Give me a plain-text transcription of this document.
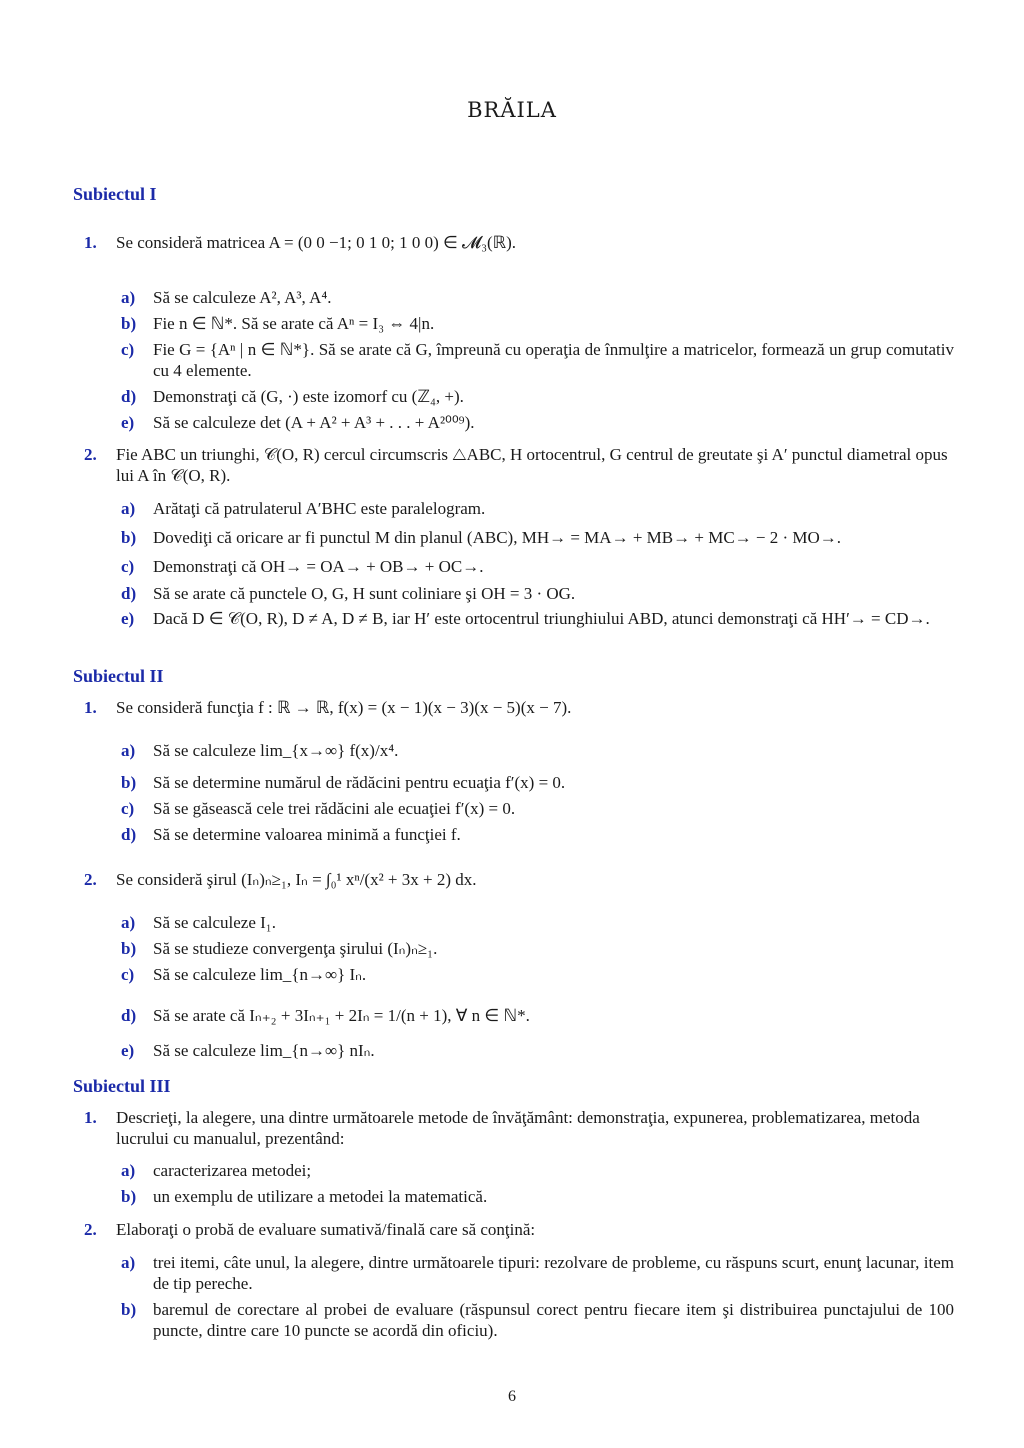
BRĂILA
Subiectul I
1. Se consideră matricea A = (0 0 −1; 0 1 0; 1 0 0) ∈ 𝓜₃(ℝ).
a) Să se calculeze A², A³, A⁴.
b) Fie n ∈ ℕ*. Să se arate că Aⁿ = I₃ ⇔ 4|n.
c) Fie G = {Aⁿ | n ∈ ℕ*}. Să se arate că G, împreună cu operaţia de înmulţire a matricelor, formează un grup comutativ cu 4 elemente.
d) Demonstraţi că (G, ·) este izomorf cu (ℤ₄, +).
e) Să se calculeze det (A + A² + A³ + . . . + A²⁰⁰⁹).
2. Fie ABC un triunghi, 𝒞(O, R) cercul circumscris △ABC, H ortocentrul, G centrul de greutate şi A′ punctul diametral opus lui A în 𝒞(O, R).
a) Arătaţi că patrulaterul A′BHC este paralelogram.
b) Dovediţi că oricare ar fi punctul M din planul (ABC), MH→ = MA→ + MB→ + MC→ − 2 · MO→.
c) Demonstraţi că OH→ = OA→ + OB→ + OC→.
d) Să se arate că punctele O, G, H sunt coliniare şi OH = 3 · OG.
e) Dacă D ∈ 𝒞(O, R), D ≠ A, D ≠ B, iar H′ este ortocentrul triunghiului ABD, atunci demonstraţi că HH′→ = CD→.
Subiectul II
1. Se consideră funcţia f : ℝ → ℝ, f(x) = (x − 1)(x − 3)(x − 5)(x − 7).
a) Să se calculeze lim_{x→∞} f(x)/x⁴.
b) Să se determine numărul de rădăcini pentru ecuaţia f′(x) = 0.
c) Să se găsească cele trei rădăcini ale ecuaţiei f′(x) = 0.
d) Să se determine valoarea minimă a funcţiei f.
2. Se consideră şirul (Iₙ)ₙ≥₁, Iₙ = ∫₀¹ xⁿ/(x² + 3x + 2) dx.
a) Să se calculeze I₁.
b) Să se studieze convergenţa şirului (Iₙ)ₙ≥₁.
c) Să se calculeze lim_{n→∞} Iₙ.
d) Să se arate că Iₙ₊₂ + 3Iₙ₊₁ + 2Iₙ = 1/(n + 1), ∀ n ∈ ℕ*.
e) Să se calculeze lim_{n→∞} nIₙ.
Subiectul III
1. Descrieţi, la alegere, una dintre următoarele metode de învăţământ: demonstraţia, expunerea, problematizarea, metoda lucrului cu manualul, prezentând:
a) caracterizarea metodei;
b) un exemplu de utilizare a metodei la matematică.
2. Elaboraţi o probă de evaluare sumativă/finală care să conţină:
a) trei itemi, câte unul, la alegere, dintre următoarele tipuri: rezolvare de probleme, cu răspuns scurt, enunţ lacunar, item de tip pereche.
b) baremul de corectare al probei de evaluare (răspunsul corect pentru fiecare item şi distribuirea punctajului de 100 puncte, dintre care 10 puncte se acordă din oficiu).
6
